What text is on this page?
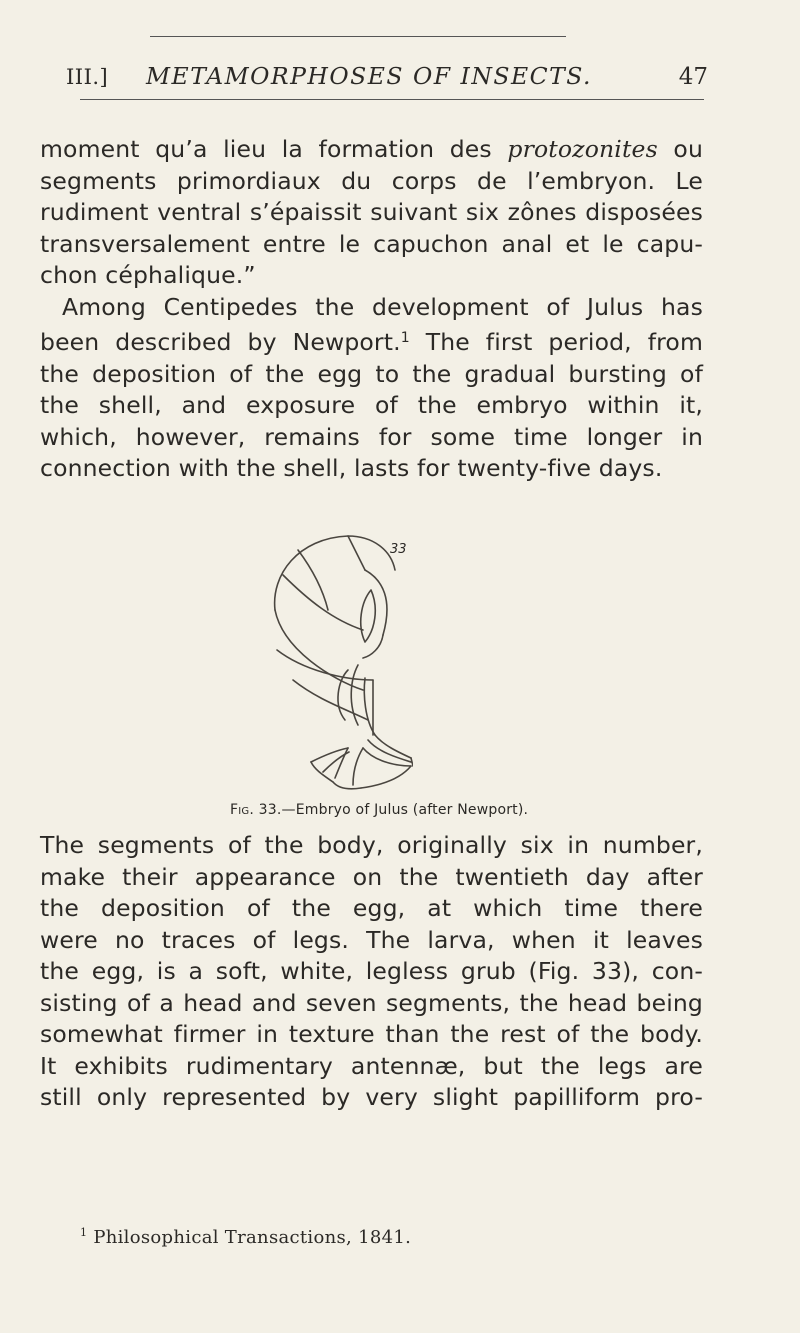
III.] METAMORPHOSES OF INSECTS.	47
moment qu’a lieu la formation des protozonites ou
segments primordiaux du corps de l’embryon. Le
rudiment ventral s’épaissit suivant six zônes disposées
transversalement entre le capuchon anal et le capu-
chon céphalique.”
Among Centipedes the development of Julus has
been described by Newport.$^1$ The first period, from
the deposition of the egg to the gradual bursting of
the shell, and exposure of the embryo within it,
which, however, remains for some time longer in
connection with the shell, lasts for twenty-five days.
33
Fig. 33.—Embryo of Julus (after Newport).
The segments of the body, originally six in number,
make their appearance on the twentieth day after
the deposition of the egg, at which time there
were no traces of legs. The larva, when it leaves
the egg, is a soft, white, legless grub (Fig. 33), con-
sisting of a head and seven segments, the head being
somewhat firmer in texture than the rest of the body.
It exhibits rudimentary antennæ, but the legs are
still only represented by very slight papilliform pro-
$^1$ Philosophical Transactions, 1841.
